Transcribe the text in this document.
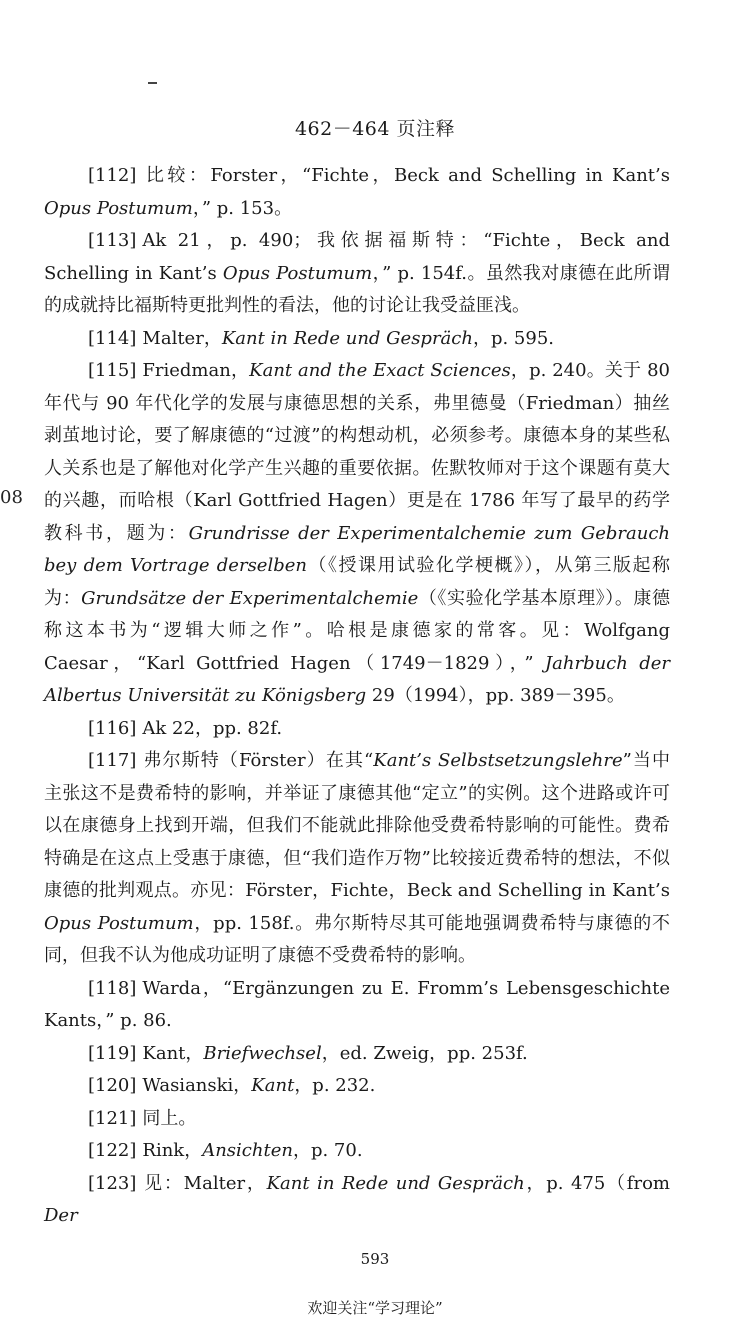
08
462－464 页注释

[112] 比较：Forster，“Fichte，Beck and Schelling in Kant’s Opus Postumum，” p. 153。

[113] Ak 21，p. 490；我依据福斯特：“Fichte，Beck and Schelling in Kant’s Opus Postumum，” p. 154f.。虽然我对康德在此所谓的成就持比福斯特更批判性的看法，他的讨论让我受益匪浅。

[114] Malter，Kant in Rede und Gespräch，p. 595.

[115] Friedman，Kant and the Exact Sciences，p. 240。关于 80 年代与 90 年代化学的发展与康德思想的关系，弗里德曼（Friedman）抽丝剥茧地讨论，要了解康德的“过渡”的构想动机，必须参考。康德本身的某些私人关系也是了解他对化学产生兴趣的重要依据。佐默牧师对于这个课题有莫大的兴趣，而哈根（Karl Gottfried Hagen）更是在 1786 年写了最早的药学教科书，题为：Grundrisse der Experimentalchemie zum Gebrauch bey dem Vortrage derselben（《授课用试验化学梗概》），从第三版起称为：Grundsätze der Experimentalchemie（《实验化学基本原理》）。康德称这本书为“逻辑大师之作”。哈根是康德家的常客。见：Wolfgang Caesar，“Karl Gottfried Hagen（1749－1829），” Jahrbuch der Albertus Universität zu Königsberg 29（1994），pp. 389－395。

[116] Ak 22，pp. 82f.

[117] 弗尔斯特（Förster）在其“Kant’s Selbstsetzungslehre”当中主张这不是费希特的影响，并举证了康德其他“定立”的实例。这个进路或许可以在康德身上找到开端，但我们不能就此排除他受费希特影响的可能性。费希特确是在这点上受惠于康德，但“我们造作万物”比较接近费希特的想法，不似康德的批判观点。亦见：Förster，Fichte，Beck and Schelling in Kant’s Opus Postumum，pp. 158f.。弗尔斯特尽其可能地强调费希特与康德的不同，但我不认为他成功证明了康德不受费希特的影响。

[118] Warda，“Ergänzungen zu E. Fromm’s Lebensgeschichte Kants，” p. 86.

[119] Kant，Briefwechsel，ed. Zweig，pp. 253f.

[120] Wasianski，Kant，p. 232.

[121] 同上。

[122] Rink，Ansichten，p. 70.

[123] 见：Malter，Kant in Rede und Gespräch，p. 475（from Der

593
欢迎关注“学习理论”
